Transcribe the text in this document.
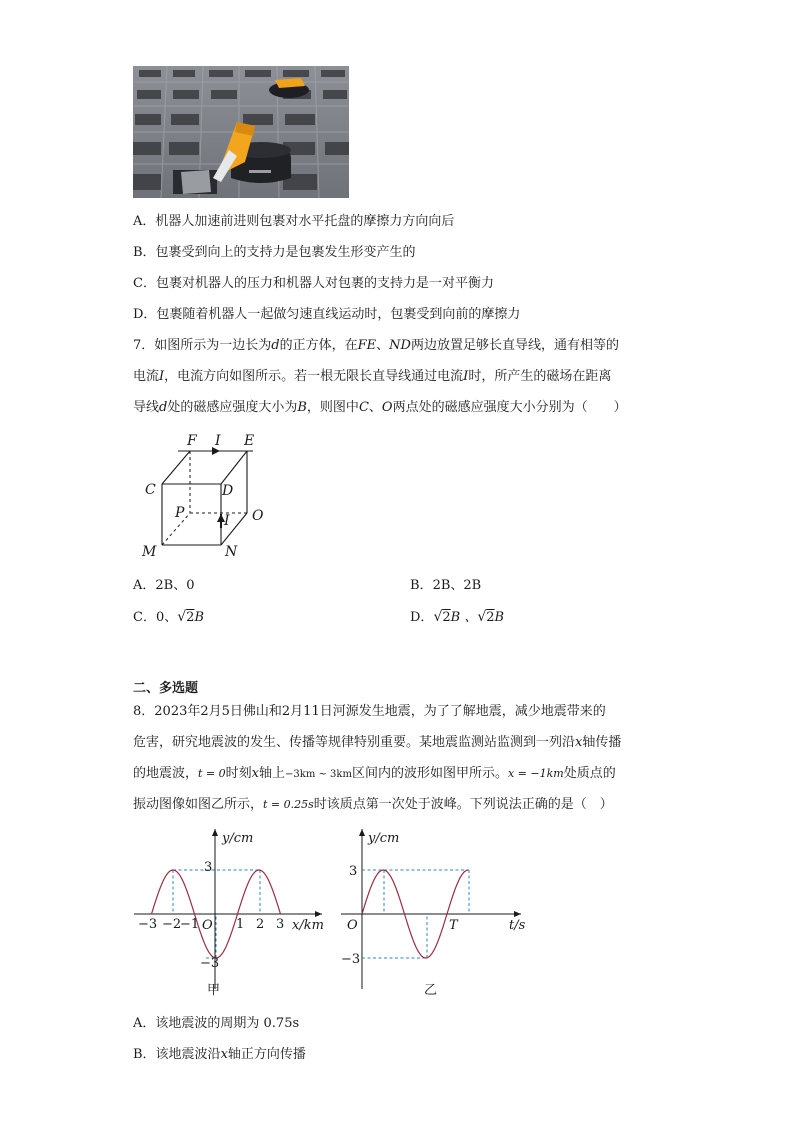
A．机器人加速前进则包裹对水平托盘的摩擦力方向向后
B．包裹受到向上的支持力是包裹发生形变产生的
C．包裹对机器人的压力和机器人对包裹的支持力是一对平衡力
D．包裹随着机器人一起做匀速直线运动时，包裹受到向前的摩擦力
7．如图所示为一边长为d的正方体，在FE、ND两边放置足够长直导线，通有相等的
电流I，电流方向如图所示。若一根无限长直导线通过电流I时，所产生的磁场在距离
导线d处的磁感应强度大小为B，则图中C、O两点处的磁感应强度大小分别为（　　）
F I E
C	D
P	I O
M	N
A．2B、0	B．2B、2B
C．0、√2B	D．√2B 、√2B
二、多选题
8．2023年2月5日佛山和2月11日河源发生地震，为了了解地震，减少地震带来的
危害，研究地震波的发生、传播等规律特别重要。某地震监测站监测到一列沿x轴传播
的地震波，t = 0时刻x轴上−3km ~ 3km区间内的波形如图甲所示。x = −1km处质点的
振动图像如图乙所示，t = 0.25s时该质点第一次处于波峰。下列说法正确的是（　）
y/cm
3
−3
O
−3 −2
−1	1 2 3 x/km
甲
y/cm
3
−3
O	T	t/s
乙
A．该地震波的周期为 0.75s
B．该地震波沿x轴正方向传播
